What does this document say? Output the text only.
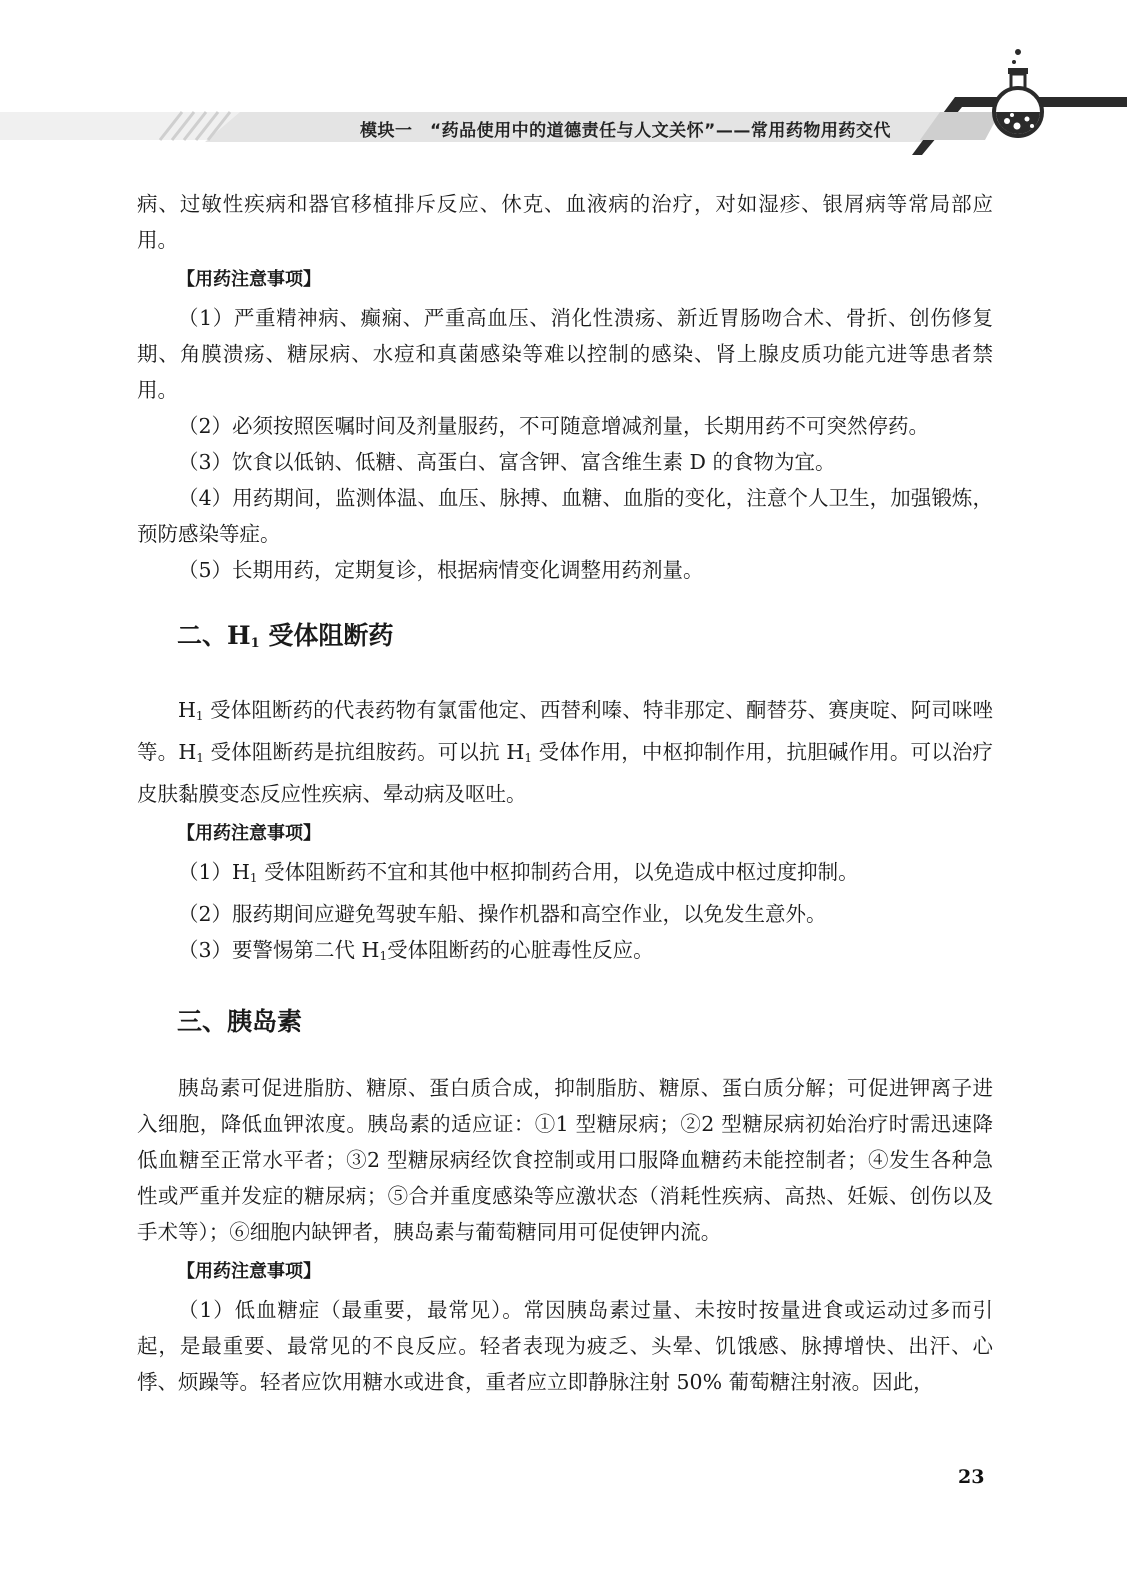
模块一　“药品使用中的道德责任与人文关怀”——常用药物用药交代

病、过敏性疾病和器官移植排斥反应、休克、血液病的治疗，对如湿疹、银屑病等常局部应用。

【用药注意事项】

（1）严重精神病、癫痫、严重高血压、消化性溃疡、新近胃肠吻合术、骨折、创伤修复期、角膜溃疡、糖尿病、水痘和真菌感染等难以控制的感染、肾上腺皮质功能亢进等患者禁用。

（2）必须按照医嘱时间及剂量服药，不可随意增减剂量，长期用药不可突然停药。

（3）饮食以低钠、低糖、高蛋白、富含钾、富含维生素 D 的食物为宜。

（4）用药期间，监测体温、血压、脉搏、血糖、血脂的变化，注意个人卫生，加强锻炼，预防感染等症。

（5）长期用药，定期复诊，根据病情变化调整用药剂量。

二、$H_1$ 受体阻断药

$H_1$ 受体阻断药的代表药物有氯雷他定、西替利嗪、特非那定、酮替芬、赛庚啶、阿司咪唑等。$H_1$ 受体阻断药是抗组胺药。可以抗 $H_1$ 受体作用，中枢抑制作用，抗胆碱作用。可以治疗皮肤黏膜变态反应性疾病、晕动病及呕吐。

【用药注意事项】

$(1)H_1$ 受体阻断药不宜和其他中枢抑制药合用，以免造成中枢过度抑制。

（2）服药期间应避免驾驶车船、操作机器和高空作业，以免发生意外。

（3）要警惕第二代 $H_1$受体阻断药的心脏毒性反应。

三、胰岛素

胰岛素可促进脂肪、糖原、蛋白质合成，抑制脂肪、糖原、蛋白质分解；可促进钾离子进入细胞，降低血钾浓度。胰岛素的适应证：①1 型糖尿病；②2 型糖尿病初始治疗时需迅速降低血糖至正常水平者；③2 型糖尿病经饮食控制或用口服降血糖药未能控制者；④发生各种急性或严重并发症的糖尿病；⑤合并重度感染等应激状态（消耗性疾病、高热、妊娠、创伤以及手术等）；⑥细胞内缺钾者，胰岛素与葡萄糖同用可促使钾内流。

【用药注意事项】

（1）低血糖症（最重要，最常见）。常因胰岛素过量、未按时按量进食或运动过多而引起，是最重要、最常见的不良反应。轻者表现为疲乏、头晕、饥饿感、脉搏增快、出汗、心悸、烦躁等。轻者应饮用糖水或进食，重者应立即静脉注射 50% 葡萄糖注射液。因此，

23
